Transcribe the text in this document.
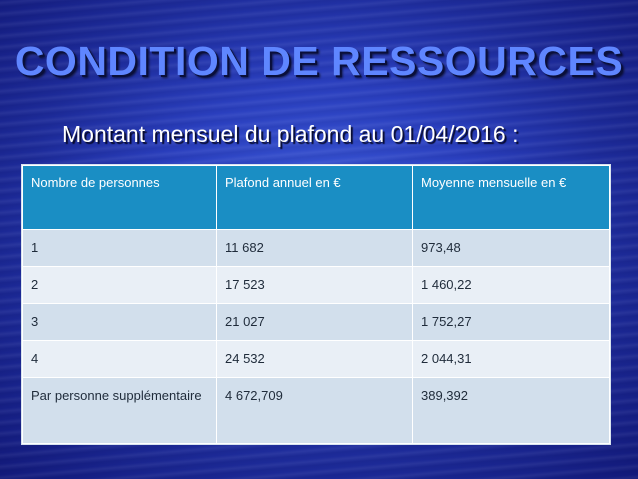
CONDITION DE RESSOURCES

Montant mensuel du plafond au 01/04/2016 :

Nombre de personnes	Plafond annuel en €	Moyenne mensuelle en €
1	11 682	973,48
2	17 523	1 460,22
3	21 027	1 752,27
4	24 532	2 044,31
Par personne supplémentaire	4 672,709	389,392
